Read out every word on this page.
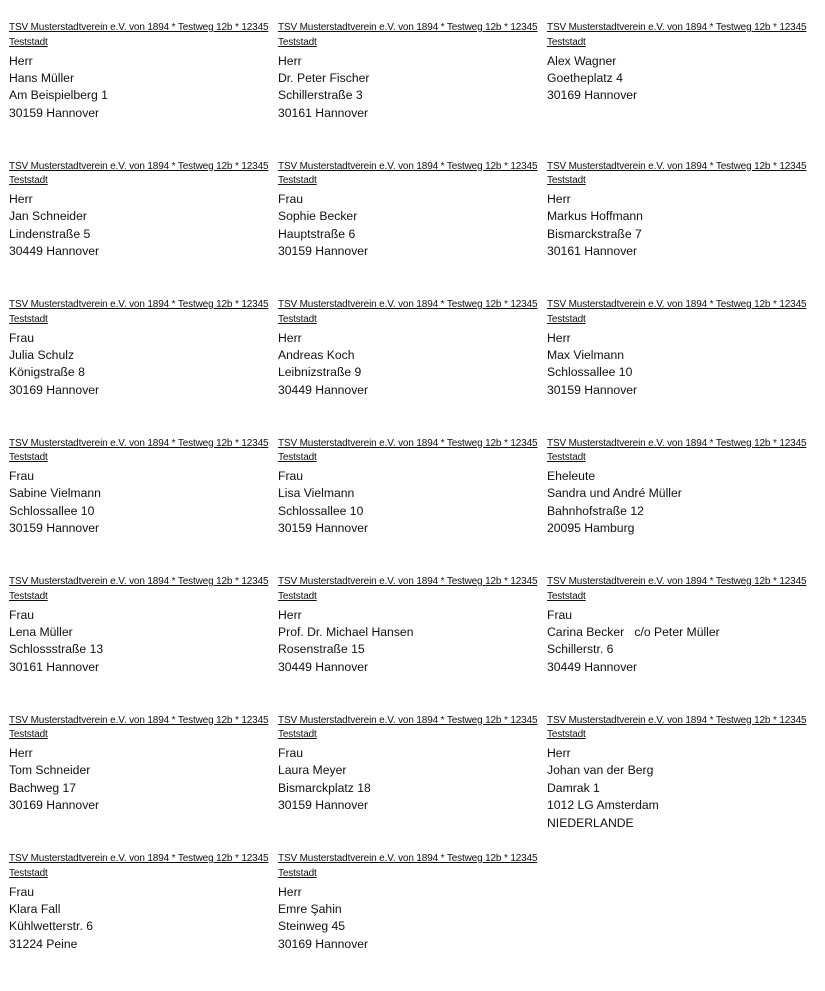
TSV Musterstadtverein e.V. von 1894 * Testweg 12b * 12345 Teststadt
Herr
Hans Müller
Am Beispielberg 1
30159 Hannover
TSV Musterstadtverein e.V. von 1894 * Testweg 12b * 12345 Teststadt
Herr
Dr. Peter Fischer
Schillerstraße 3
30161 Hannover
TSV Musterstadtverein e.V. von 1894 * Testweg 12b * 12345 Teststadt
Alex Wagner
Goetheplatz 4
30169 Hannover
TSV Musterstadtverein e.V. von 1894 * Testweg 12b * 12345 Teststadt
Herr
Jan Schneider
Lindenstraße 5
30449 Hannover
TSV Musterstadtverein e.V. von 1894 * Testweg 12b * 12345 Teststadt
Frau
Sophie Becker
Hauptstraße 6
30159 Hannover
TSV Musterstadtverein e.V. von 1894 * Testweg 12b * 12345 Teststadt
Herr
Markus Hoffmann
Bismarckstraße 7
30161 Hannover
TSV Musterstadtverein e.V. von 1894 * Testweg 12b * 12345 Teststadt
Frau
Julia Schulz
Königstraße 8
30169 Hannover
TSV Musterstadtverein e.V. von 1894 * Testweg 12b * 12345 Teststadt
Herr
Andreas Koch
Leibnizstraße 9
30449 Hannover
TSV Musterstadtverein e.V. von 1894 * Testweg 12b * 12345 Teststadt
Herr
Max Vielmann
Schlossallee 10
30159 Hannover
TSV Musterstadtverein e.V. von 1894 * Testweg 12b * 12345 Teststadt
Frau
Sabine Vielmann
Schlossallee 10
30159 Hannover
TSV Musterstadtverein e.V. von 1894 * Testweg 12b * 12345 Teststadt
Frau
Lisa Vielmann
Schlossallee 10
30159 Hannover
TSV Musterstadtverein e.V. von 1894 * Testweg 12b * 12345 Teststadt
Eheleute
Sandra und André Müller
Bahnhofstraße 12
20095 Hamburg
TSV Musterstadtverein e.V. von 1894 * Testweg 12b * 12345 Teststadt
Frau
Lena Müller
Schlossstraße 13
30161 Hannover
TSV Musterstadtverein e.V. von 1894 * Testweg 12b * 12345 Teststadt
Herr
Prof. Dr. Michael Hansen
Rosenstraße 15
30449 Hannover
TSV Musterstadtverein e.V. von 1894 * Testweg 12b * 12345 Teststadt
Frau
Carina Becker   c/o Peter Müller
Schillerstr. 6
30449 Hannover
TSV Musterstadtverein e.V. von 1894 * Testweg 12b * 12345 Teststadt
Herr
Tom Schneider
Bachweg 17
30169 Hannover
TSV Musterstadtverein e.V. von 1894 * Testweg 12b * 12345 Teststadt
Frau
Laura Meyer
Bismarckplatz 18
30159 Hannover
TSV Musterstadtverein e.V. von 1894 * Testweg 12b * 12345 Teststadt
Herr
Johan van der Berg
Damrak 1
1012 LG Amsterdam
NIEDERLANDE
TSV Musterstadtverein e.V. von 1894 * Testweg 12b * 12345 Teststadt
Frau
Klara Fall
Kühlwetterstr. 6
31224 Peine
TSV Musterstadtverein e.V. von 1894 * Testweg 12b * 12345 Teststadt
Herr
Emre Şahin
Steinweg 45
30169 Hannover
